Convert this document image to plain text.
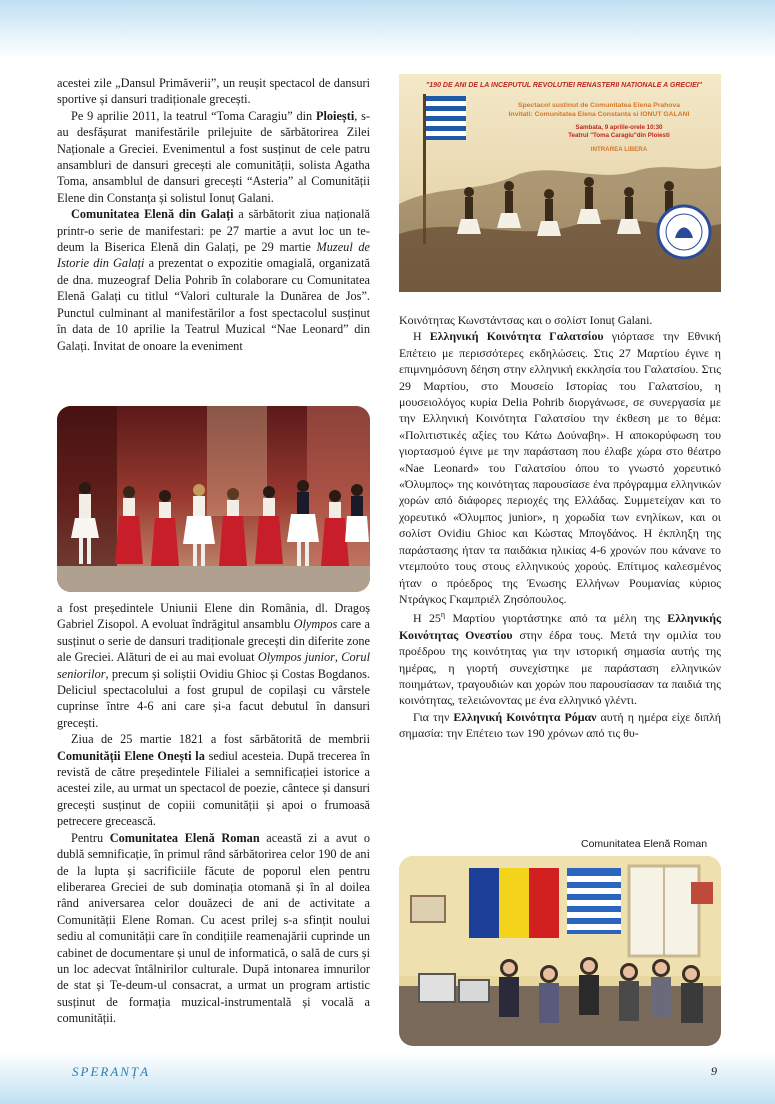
acestei zile „Dansul Primăverii”, un reușit spectacol de dansuri sportive și dansuri tradiționale grecești.

Pe 9 aprilie 2011, la teatrul “Toma Caragiu” din Ploiești, s-au desfășurat manifestările prilejuite de sărbătorirea Zilei Naționale a Greciei. Evenimentul a fost susținut de cele patru ansambluri de dansuri grecești ale comunității, solista Agatha Toma, ansamblul de dansuri grecești “Asteria” al Comunității Elene din Constanța și solistul Ionuț Galani.

Comunitatea Elenă din Galați a sărbătorit ziua națională printr-o serie de manifestari: pe 27 martie a avut loc un te-deum la Biserica Elenă din Galați, pe 29 martie Muzeul de Istorie din Galați a prezentat o expozitie omagială, organizată de dna. muzeograf Delia Pohrib în colaborare cu Comunitatea Elenă Galați cu titlul “Valori culturale la Dunărea de Jos”. Punctul culminant al manifestărilor a fost spectacolul susținut în data de 10 aprilie la Teatrul Muzical “Nae Leonard” din Galați. Invitat de onoare la eveniment

a fost președintele Uniunii Elene din România, dl. Dragoș Gabriel Zisopol. A evoluat îndrăgitul ansamblu Olympos care a susținut o serie de dansuri tradiționale grecești din diferite zone ale Greciei. Alături de ei au mai evoluat Olympos junior, Corul seniorilor, precum și soliștii Ovidiu Ghioc și Costas Bogdanos. Deliciul spectacolului a fost grupul de copilași cu vârstele cuprinse între 4-6 ani care și-a facut debutul în dansuri grecești.

Ziua de 25 martie 1821 a fost sărbătorită de membrii Comunității Elene Onești la sediul acesteia. După trecerea în revistă de către președintele Filialei a semnificației istorice a acestei zile, au urmat un spectacol de poezie, cântece și dansuri grecești susținut de copiii comunității și apoi o frumoasă petrecere grecească.

Pentru Comunitatea Elenă Roman această zi a avut o dublă semnificație, în primul rând sărbătorirea celor 190 de ani de la lupta și sacrificiile făcute de poporul elen pentru eliberarea Greciei de sub dominația otomană și în al doilea rând aniversarea celor douăzeci de ani de activitate a Comunității Elene Roman. Cu acest prilej s-a sfințit noului sediu al comunității care în condițiile reamenajării cuprinde un cabinet de documentare și unul de informatică, o sală de curs și un loc adecvat întâlnirilor culturale. După intonarea imnurilor de stat și Te-deum-ul consacrat, a urmat un program artistic susținut de formația muzical-instrumentală și vocală a comunității.

"190 DE ANI DE LA INCEPUTUL REVOLUTIEI RENASTERII NATIONALE A GRECIEI"
Spectacol sustinut de Comunitatea Elena Prahova
Invitati: Comunitatea Elena Constanta si IONUT GALANI
Sambata, 9 aprilie-orele 10:30
Teatrul "Toma Caragiu"din Ploiesti
INTRAREA LIBERA

Κοινότητας Κωνστάντσας και ο σολίστ Ionuț Galani.

Η Ελληνική Κοινότητα Γαλατσίου γιόρτασε την Εθνική Επέτειο με περισσότερες εκδηλώσεις. Στις 27 Μαρτίου έγινε η επιμνημόσυνη δέηση στην ελληνική εκκλησία του Γαλατσίου. Στις 29 Μαρτίου, στο Μουσείο Ιστορίας του Γαλατσίου, η μουσειολόγος κυρία Delia Pohrib διοργάνωσε, σε συνεργασία με την Ελληνική Κοινότητα Γαλατσίου την έκθεση με το θέμα: «Πολιτιστικές αξίες του Κάτω Δούναβη». Η αποκορύφωση του γιορτασμού έγινε με την παράσταση που έλαβε χώρα στο θέατρο «Nae Leonard» του Γαλατσίου όπου το γνωστό χορευτικό «Όλυμπος» της κοινότητας παρουσίασε ένα πρόγραμμα ελληνικών χορών από διάφορες περιοχές της Ελλάδας. Συμμετείχαν και το χορευτικό «Όλυμπος junior», η χορωδία των ενηλίκων, και οι σολίστ Ovidiu Ghioc και Κώστας Μπογδάνος. Η έκπληξη της παράστασης ήταν τα παιδάκια ηλικίας 4-6 χρονών που κάνανε το ντεμπούτο τους στους ελληνικούς χορούς. Επίτιμος καλεσμένος ήταν ο πρόεδρος της Ένωσης Ελλήνων Ρουμανίας κύριος Ντράγκος Γκαμπριέλ Ζησόπουλος.

Η $25^\eta$ Μαρτίου γιορτάστηκε από τα μέλη της Ελληνικής Κοινότητας Ονεστίου στην έδρα τους. Μετά την ομιλία του προέδρου της κοινότητας για την ιστορική σημασία αυτής της ημέρας, η γιορτή συνεχίστηκε με παράσταση ελληνικών ποιημάτων, τραγουδιών και χορών που παρουσίασαν τα παιδιά της κοινότητας, τελειώνοντας με ένα ελληνικό γλέντι.

Για την Ελληνική Κοινότητα Ρόμαν αυτή η ημέρα είχε διπλή σημασία: την Επέτειο των 190 χρόνων από τις θυ-

Comunitatea Elenă Roman
SPERANȚA	9
